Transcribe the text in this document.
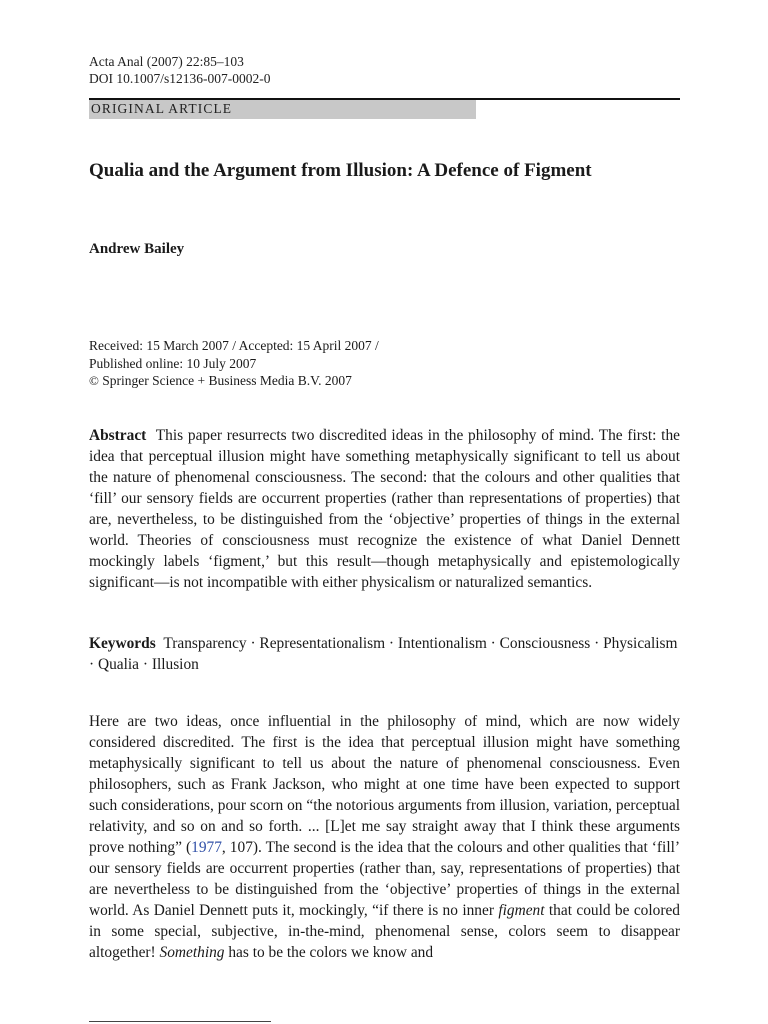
Acta Anal (2007) 22:85–103
DOI 10.1007/s12136-007-0002-0
ORIGINAL ARTICLE
Qualia and the Argument from Illusion: A Defence of Figment
Andrew Bailey
Received: 15 March 2007 / Accepted: 15 April 2007 /
Published online: 10 July 2007
© Springer Science + Business Media B.V. 2007

Abstract This paper resurrects two discredited ideas in the philosophy of mind. The first: the idea that perceptual illusion might have something metaphysically significant to tell us about the nature of phenomenal consciousness. The second: that the colours and other qualities that ‘fill’ our sensory fields are occurrent properties (rather than representations of properties) that are, nevertheless, to be distinguished from the ‘objective’ properties of things in the external world. Theories of consciousness must recognize the existence of what Daniel Dennett mockingly labels ‘figment,’ but this result—though metaphysically and epistemologically significant—is not incompatible with either physicalism or naturalized semantics.

Keywords Transparency · Representationalism · Intentionalism · Consciousness · Physicalism · Qualia · Illusion

Here are two ideas, once influential in the philosophy of mind, which are now widely considered discredited. The first is the idea that perceptual illusion might have something metaphysically significant to tell us about the nature of phenomenal consciousness. Even philosophers, such as Frank Jackson, who might at one time have been expected to support such considerations, pour scorn on “the notorious arguments from illusion, variation, perceptual relativity, and so on and so forth. ... [L]et me say straight away that I think these arguments prove nothing” (1977, 107). The second is the idea that the colours and other qualities that ‘fill’ our sensory fields are occurrent properties (rather than, say, representations of properties) that are nevertheless to be distinguished from the ‘objective’ properties of things in the external world. As Daniel Dennett puts it, mockingly, “if there is no inner figment that could be colored in some special, subjective, in-the-mind, phenomenal sense, colors seem to disappear altogether! Something has to be the colors we know and
